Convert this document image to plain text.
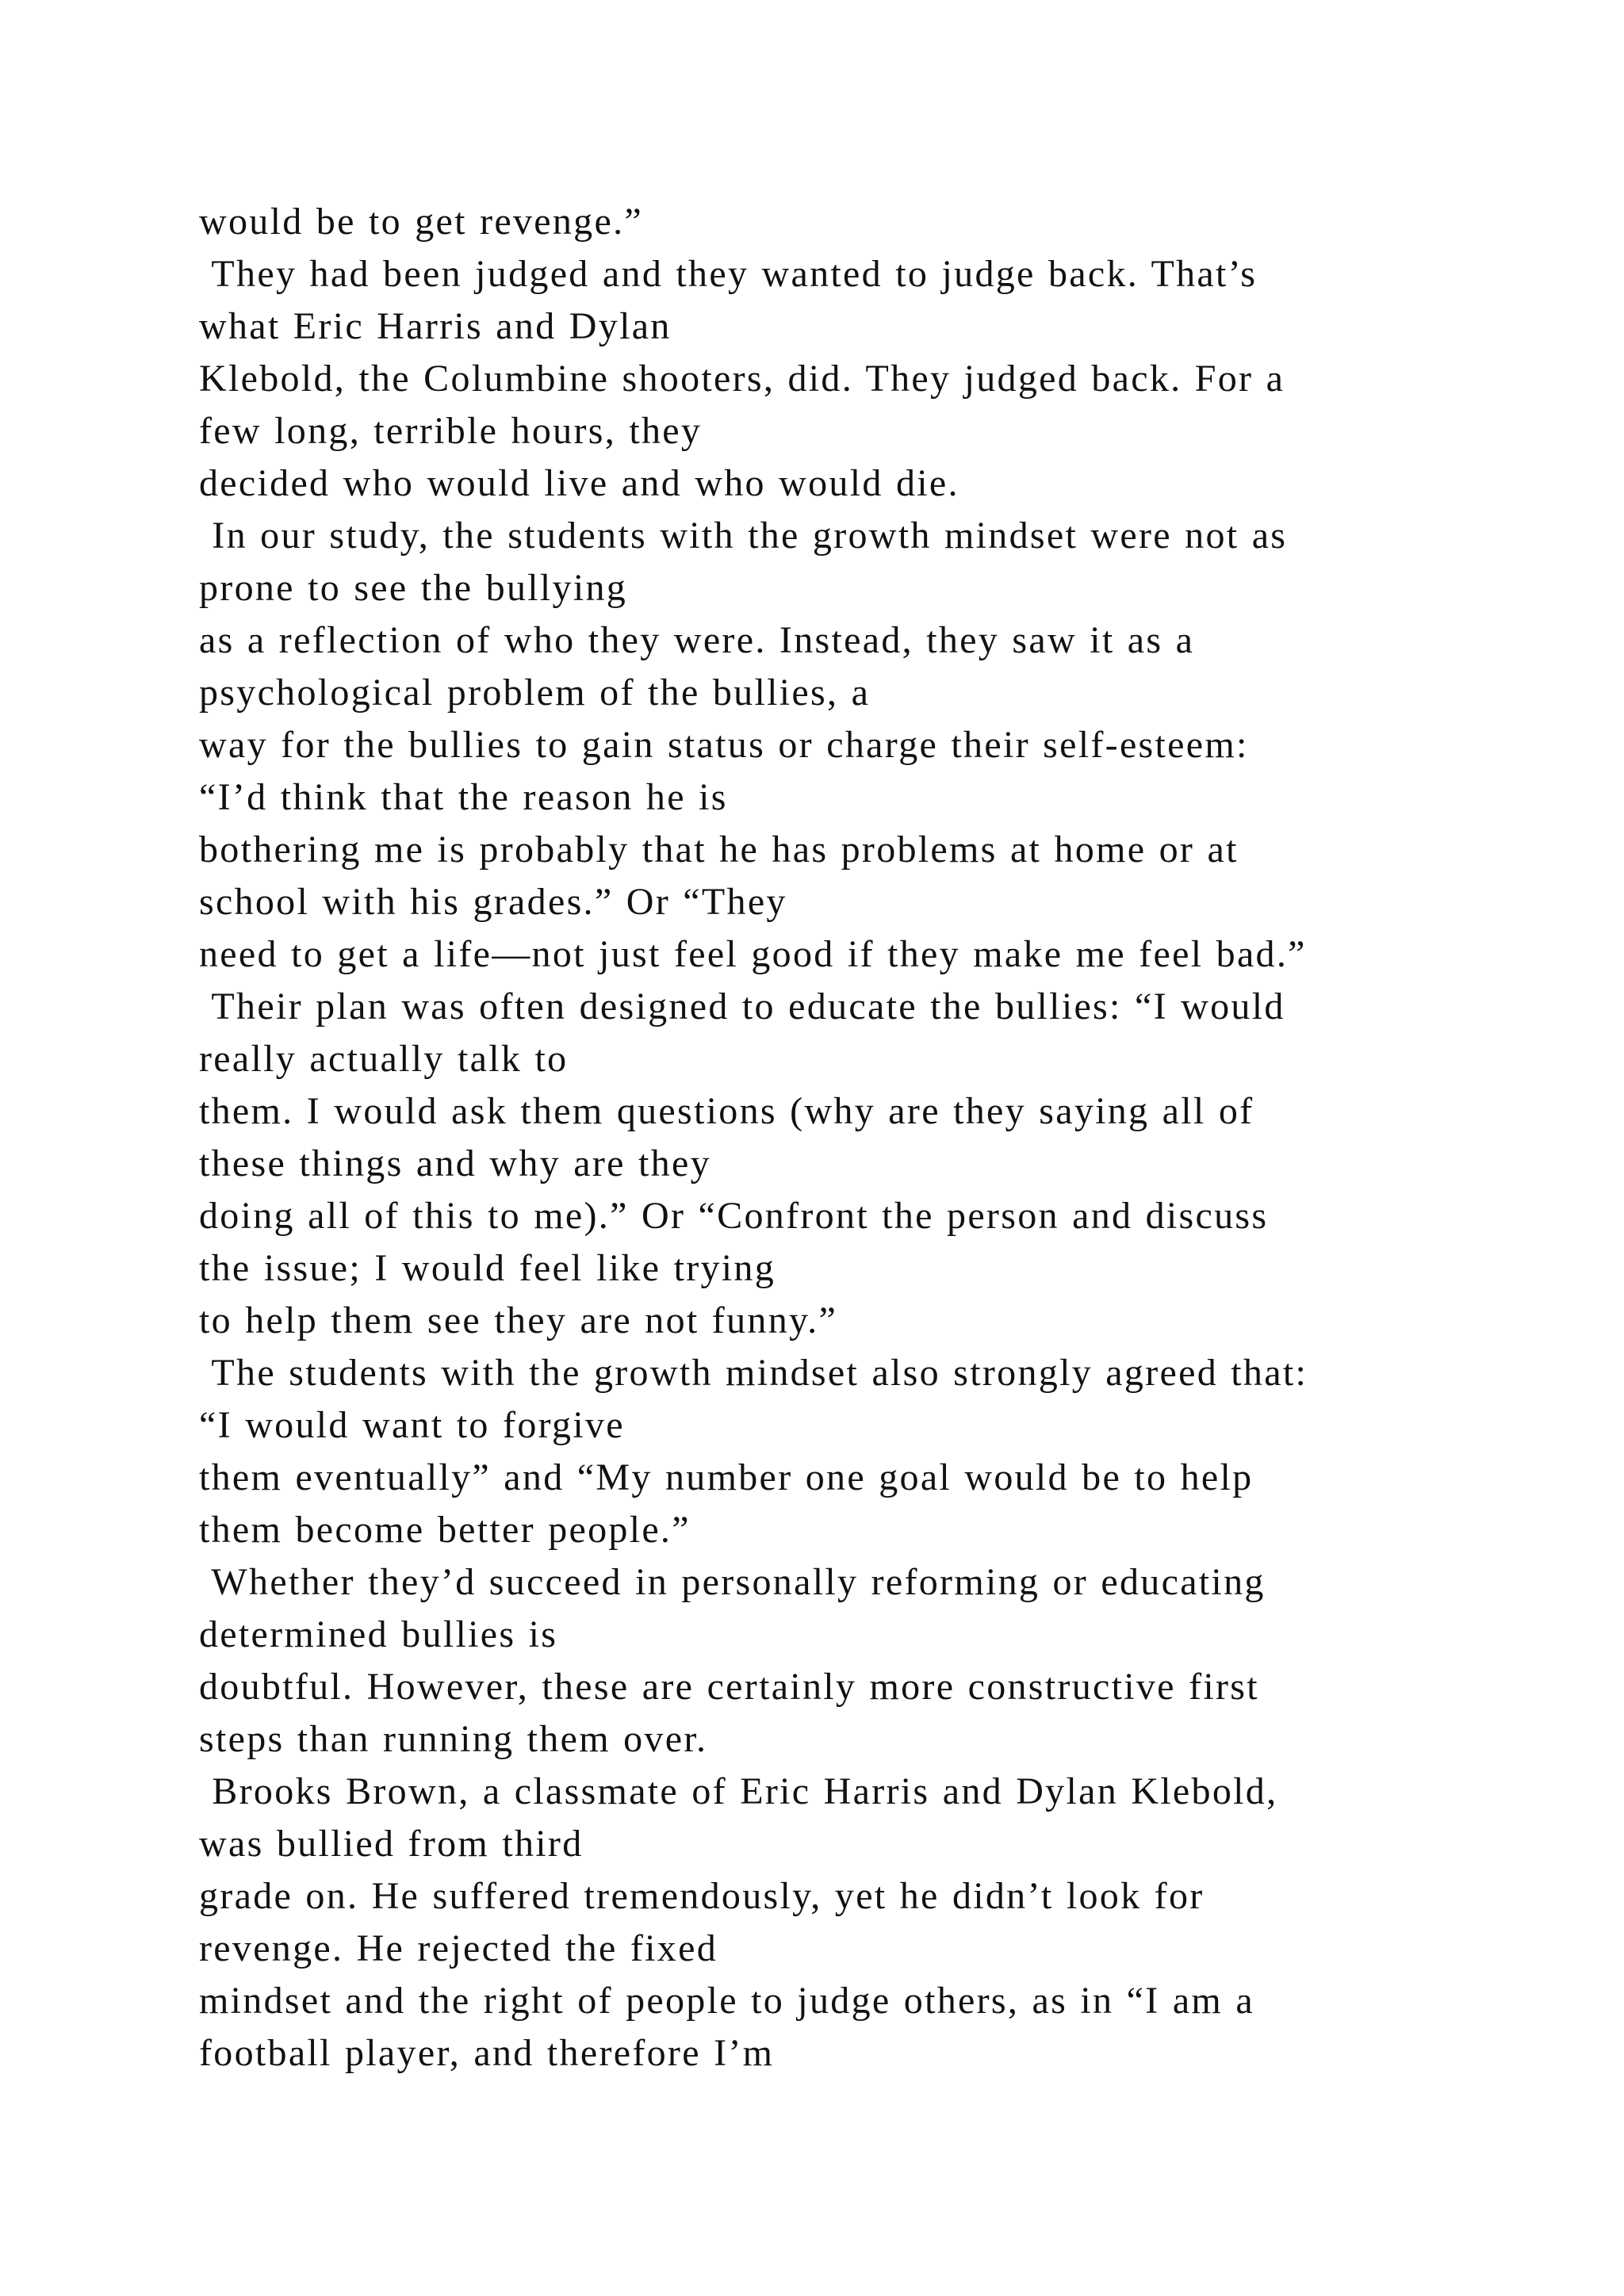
would be to get revenge.”
They had been judged and they wanted to judge back. That’s
what Eric Harris and Dylan
Klebold, the Columbine shooters, did. They judged back. For a
few long, terrible hours, they
decided who would live and who would die.
In our study, the students with the growth mindset were not as
prone to see the bullying
as a reflection of who they were. Instead, they saw it as a
psychological problem of the bullies, a
way for the bullies to gain status or charge their self-esteem:
“I’d think that the reason he is
bothering me is probably that he has problems at home or at
school with his grades.” Or “They
need to get a life—not just feel good if they make me feel bad.”
Their plan was often designed to educate the bullies: “I would
really actually talk to
them. I would ask them questions (why are they saying all of
these things and why are they
doing all of this to me).” Or “Confront the person and discuss
the issue; I would feel like trying
to help them see they are not funny.”
The students with the growth mindset also strongly agreed that:
“I would want to forgive
them eventually” and “My number one goal would be to help
them become better people.”
Whether they’d succeed in personally reforming or educating
determined bullies is
doubtful. However, these are certainly more constructive first
steps than running them over.
Brooks Brown, a classmate of Eric Harris and Dylan Klebold,
was bullied from third
grade on. He suffered tremendously, yet he didn’t look for
revenge. He rejected the fixed
mindset and the right of people to judge others, as in “I am a
football player, and therefore I’m
